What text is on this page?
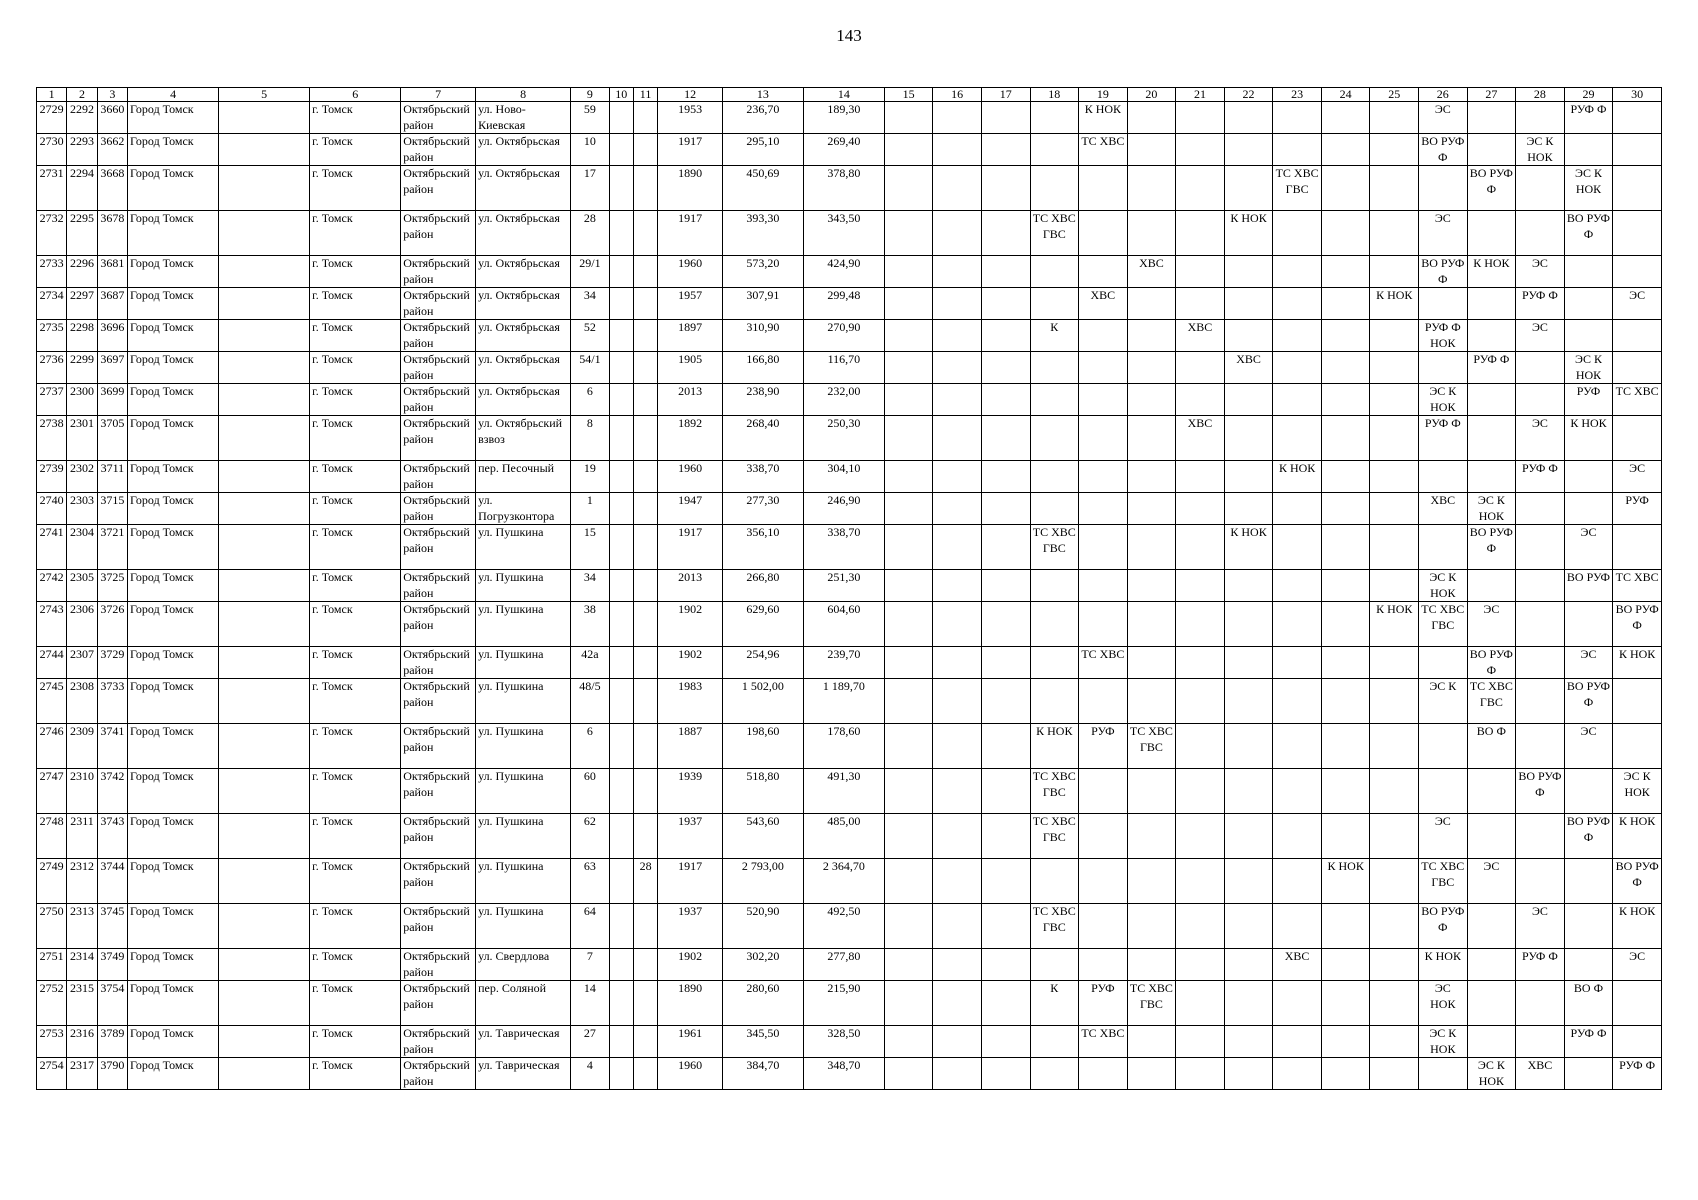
143
1	2	3	4	5	6	7	8	9	10	11	12	13	14	15	16	17	18	19	20	21	22	23	24	25	26	27	28	29	30
2729	2292	3660	Город Томск		г. Томск	Октябрьский район	ул. Ново-Киевская	59			1953	236,70	189,30					К НОК							ЭС			РУФ Ф	
2730	2293	3662	Город Томск		г. Томск	Октябрьский район	ул. Октябрьская	10			1917	295,10	269,40					ТС ХВС							ВО РУФ Ф		ЭС К НОК		
2731	2294	3668	Город Томск		г. Томск	Октябрьский район	ул. Октябрьская	17			1890	450,69	378,80									ТС ХВС ГВС				ВО РУФ Ф		ЭС К НОК	
2732	2295	3678	Город Томск		г. Томск	Октябрьский район	ул. Октябрьская	28			1917	393,30	343,50				ТС ХВС ГВС				К НОК				ЭС			ВО РУФ Ф	
2733	2296	3681	Город Томск		г. Томск	Октябрьский район	ул. Октябрьская	29/1			1960	573,20	424,90						ХВС						ВО РУФ Ф	К НОК	ЭС		
2734	2297	3687	Город Томск		г. Томск	Октябрьский район	ул. Октябрьская	34			1957	307,91	299,48					ХВС						К НОК			РУФ Ф		ЭС
2735	2298	3696	Город Томск		г. Томск	Октябрьский район	ул. Октябрьская	52			1897	310,90	270,90				К			ХВС					РУФ Ф НОК		ЭС		
2736	2299	3697	Город Томск		г. Томск	Октябрьский район	ул. Октябрьская	54/1			1905	166,80	116,70								ХВС					РУФ Ф		ЭС К НОК	
2737	2300	3699	Город Томск		г. Томск	Октябрьский район	ул. Октябрьская	6			2013	238,90	232,00												ЭС К НОК			РУФ	ТС ХВС
2738	2301	3705	Город Томск		г. Томск	Октябрьский район	ул. Октябрьский взвоз	8			1892	268,40	250,30							ХВС					РУФ Ф		ЭС	К НОК	
2739	2302	3711	Город Томск		г. Томск	Октябрьский район	пер. Песочный	19			1960	338,70	304,10									К НОК					РУФ Ф		ЭС
2740	2303	3715	Город Томск		г. Томск	Октябрьский район	ул. Погрузконтора	1			1947	277,30	246,90												ХВС	ЭС К НОК			РУФ
2741	2304	3721	Город Томск		г. Томск	Октябрьский район	ул. Пушкина	15			1917	356,10	338,70				ТС ХВС ГВС				К НОК					ВО РУФ Ф		ЭС	
2742	2305	3725	Город Томск		г. Томск	Октябрьский район	ул. Пушкина	34			2013	266,80	251,30												ЭС К НОК			ВО РУФ	ТС ХВС
2743	2306	3726	Город Томск		г. Томск	Октябрьский район	ул. Пушкина	38			1902	629,60	604,60											К НОК	ТС ХВС ГВС	ЭС			ВО РУФ Ф
2744	2307	3729	Город Томск		г. Томск	Октябрьский район	ул. Пушкина	42а			1902	254,96	239,70					ТС ХВС								ВО РУФ Ф		ЭС	К НОК
2745	2308	3733	Город Томск		г. Томск	Октябрьский район	ул. Пушкина	48/5			1983	1 502,00	1 189,70												ЭС К	ТС ХВС ГВС		ВО РУФ Ф	
2746	2309	3741	Город Томск		г. Томск	Октябрьский район	ул. Пушкина	6			1887	198,60	178,60				К НОК	РУФ	ТС ХВС ГВС							ВО Ф		ЭС	
2747	2310	3742	Город Томск		г. Томск	Октябрьский район	ул. Пушкина	60			1939	518,80	491,30				ТС ХВС ГВС										ВО РУФ Ф		ЭС К НОК
2748	2311	3743	Город Томск		г. Томск	Октябрьский район	ул. Пушкина	62			1937	543,60	485,00				ТС ХВС ГВС								ЭС			ВО РУФ Ф	К НОК
2749	2312	3744	Город Томск		г. Томск	Октябрьский район	ул. Пушкина	63		28	1917	2 793,00	2 364,70										К НОК		ТС ХВС ГВС	ЭС			ВО РУФ Ф
2750	2313	3745	Город Томск		г. Томск	Октябрьский район	ул. Пушкина	64			1937	520,90	492,50				ТС ХВС ГВС								ВО РУФ Ф		ЭС		К НОК
2751	2314	3749	Город Томск		г. Томск	Октябрьский район	ул. Свердлова	7			1902	302,20	277,80									ХВС			К НОК		РУФ Ф		ЭС
2752	2315	3754	Город Томск		г. Томск	Октябрьский район	пер. Соляной	14			1890	280,60	215,90				К	РУФ	ТС ХВС ГВС						ЭС НОК			ВО Ф	
2753	2316	3789	Город Томск		г. Томск	Октябрьский район	ул. Таврическая	27			1961	345,50	328,50					ТС ХВС							ЭС К НОК			РУФ Ф	
2754	2317	3790	Город Томск		г. Томск	Октябрьский район	ул. Таврическая	4			1960	384,70	348,70													ЭС К НОК	ХВС		РУФ Ф
